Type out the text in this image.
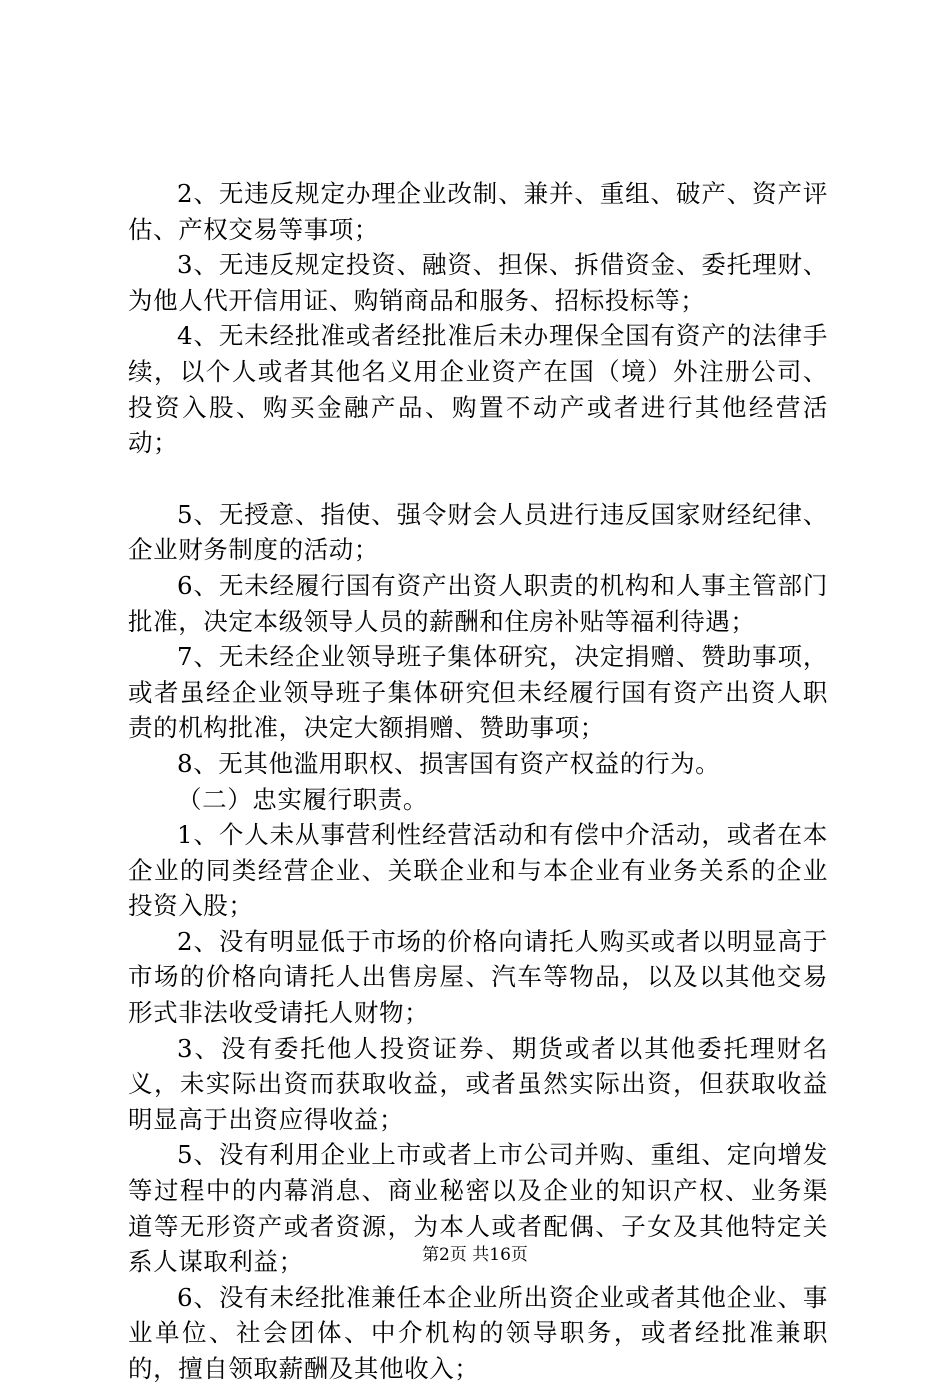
2、无违反规定办理企业改制、兼并、重组、破产、资产评估、产权交易等事项；

3、无违反规定投资、融资、担保、拆借资金、委托理财、为他人代开信用证、购销商品和服务、招标投标等；

4、无未经批准或者经批准后未办理保全国有资产的法律手续，以个人或者其他名义用企业资产在国（境）外注册公司、投资入股、购买金融产品、购置不动产或者进行其他经营活动；

5、无授意、指使、强令财会人员进行违反国家财经纪律、企业财务制度的活动；

6、无未经履行国有资产出资人职责的机构和人事主管部门批准，决定本级领导人员的薪酬和住房补贴等福利待遇；

7、无未经企业领导班子集体研究，决定捐赠、赞助事项，或者虽经企业领导班子集体研究但未经履行国有资产出资人职责的机构批准，决定大额捐赠、赞助事项；

8、无其他滥用职权、损害国有资产权益的行为。

（二）忠实履行职责。

1、个人未从事营利性经营活动和有偿中介活动，或者在本企业的同类经营企业、关联企业和与本企业有业务关系的企业投资入股；

2、没有明显低于市场的价格向请托人购买或者以明显高于市场的价格向请托人出售房屋、汽车等物品，以及以其他交易形式非法收受请托人财物；

3、没有委托他人投资证券、期货或者以其他委托理财名义，未实际出资而获取收益，或者虽然实际出资，但获取收益明显高于出资应得收益；

5、没有利用企业上市或者上市公司并购、重组、定向增发等过程中的内幕消息、商业秘密以及企业的知识产权、业务渠道等无形资产或者资源，为本人或者配偶、子女及其他特定关系人谋取利益；

6、没有未经批准兼任本企业所出资企业或者其他企业、事业单位、社会团体、中介机构的领导职务，或者经批准兼职的，擅自领取薪酬及其他收入；

第2页 共16页
